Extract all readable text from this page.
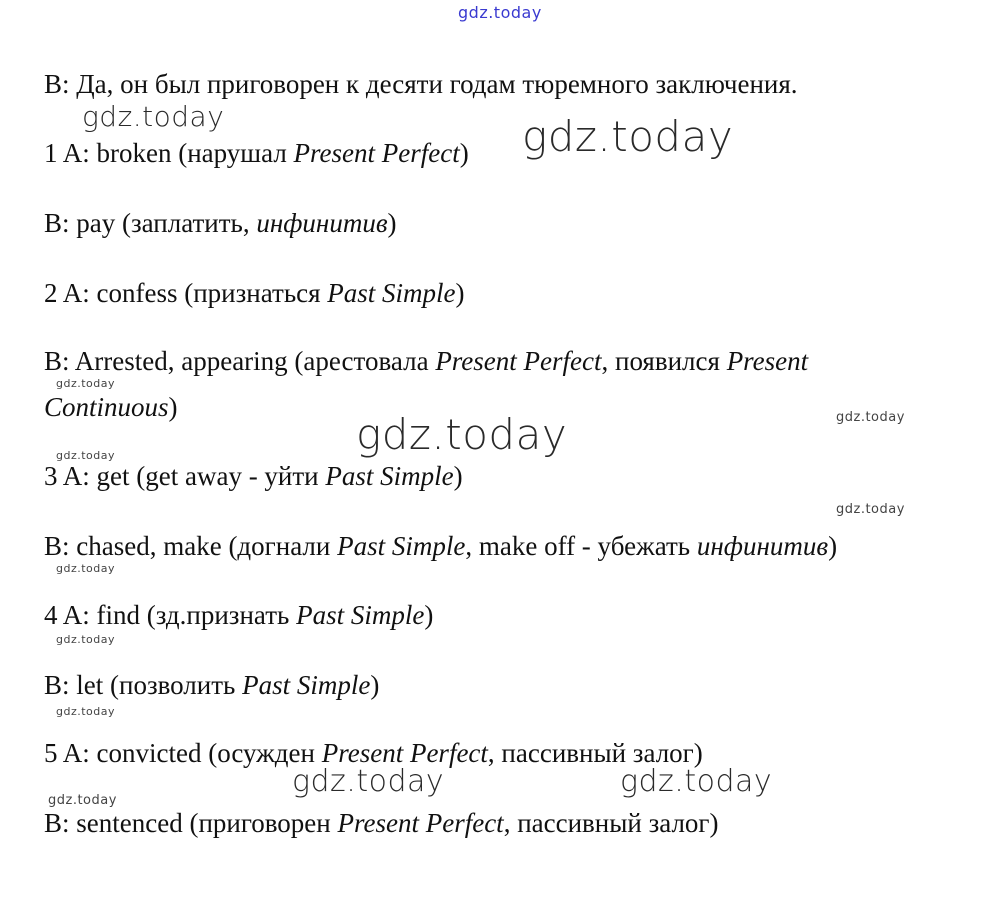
gdz.today
gdz.today	gdz.today
gdz.today
gdz.today
gdz.today
gdz.today
gdz.today
gdz.today
gdz.today
gdz.today
gdz.today	gdz.today
gdz.today
B: Да, он был приговорен к десяти годам тюремного заключения.
1 A: broken (нарушал Present Perfect)
B: pay (заплатить, инфинитив)
2 A: confess (признаться Past Simple)
B: Arrested, appearing (арестовала Present Perfect, появился Present
Continuous)
3 A: get (get away - уйти Past Simple)
B: chased, make (догнали Past Simple, make off - убежать инфинитив)
4 A: find (зд.признать Past Simple)
B: let (позволить Past Simple)
5 A: convicted (осужден Present Perfect, пассивный залог)
B: sentenced (приговорен Present Perfect, пассивный залог)
